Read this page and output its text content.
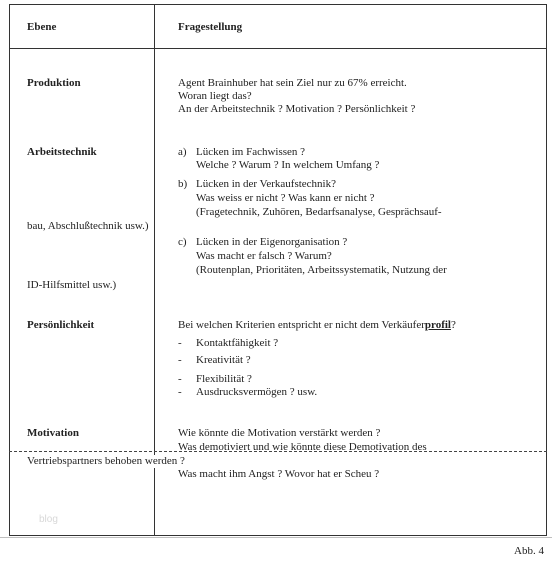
Ebene	Fragestellung
Produktion	Agent Brainhuber hat sein Ziel nur zu 67% erreicht.
Woran liegt das?
An der Arbeitstechnik ? Motivation ? Persönlichkeit ?
Arbeitstechnik	a) Lücken im Fachwissen ?
Welche ? Warum ? In welchem Umfang ?
b) Lücken in der Verkaufstechnik?
Was weiss er nicht ? Was kann er nicht ?
(Fragetechnik, Zuhören, Bedarfsanalyse, Gesprächsauf-
bau, Abschlußtechnik usw.)
c) Lücken in der Eigenorganisation ?
Was macht er falsch ? Warum?
(Routenplan, Prioritäten, Arbeitssystematik, Nutzung der
ID-Hilfsmittel usw.)
Persönlichkeit	Bei welchen Kriterien entspricht er nicht dem Verkäuferprofil?
- Kontaktfähigkeit ?
- Kreativität ?
- Flexibilität ?
- Ausdrucksvermögen ? usw.
Motivation	Wie könnte die Motivation verstärkt werden ?
Was demotiviert und wie könnte diese Demotivation des
Vertriebspartners behoben werden ?
Was macht ihm Angst ? Wovor hat er Scheu ?
blog
Abb. 4
